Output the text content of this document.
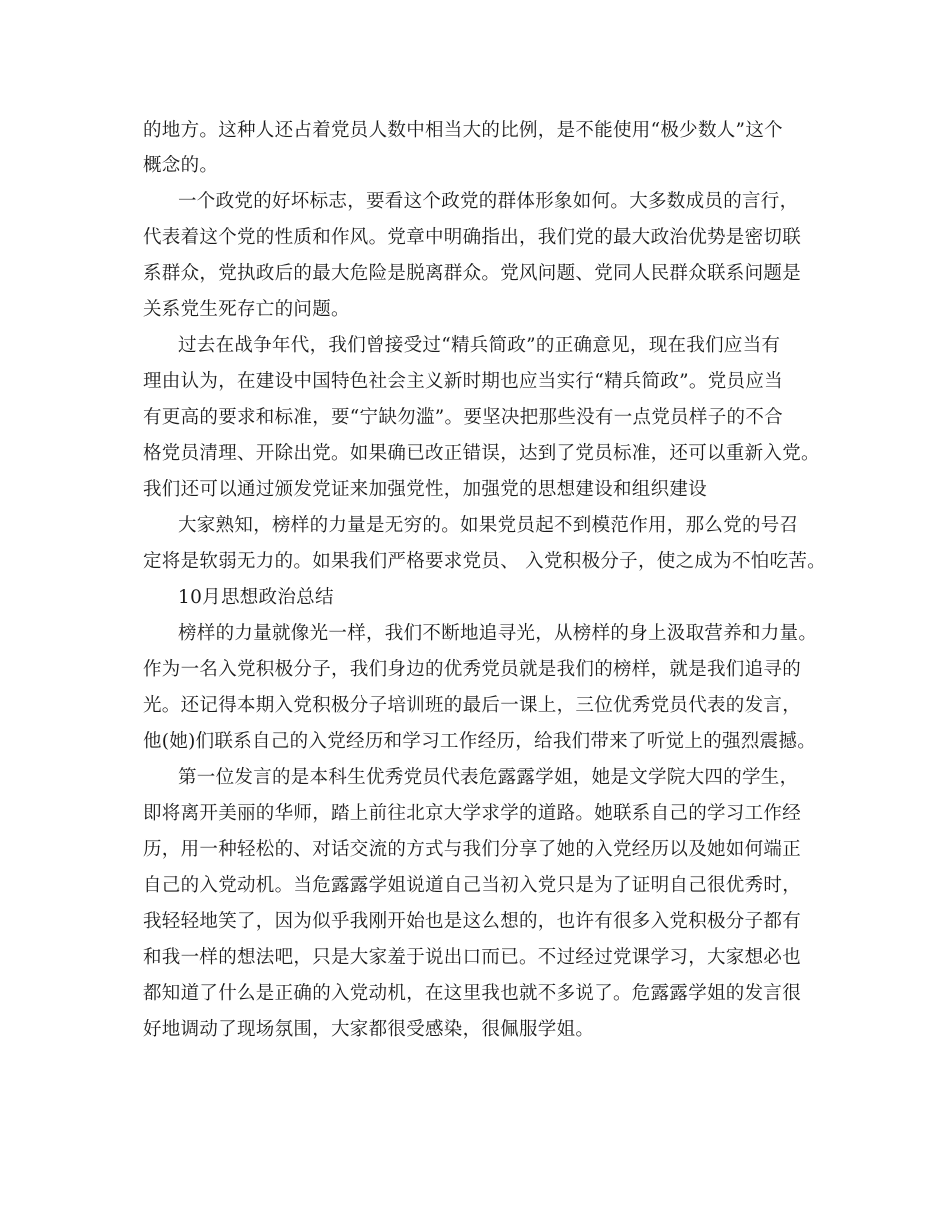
的地方。这种人还占着党员人数中相当大的比例，是不能使用“极少数人”这个
概念的。
一个政党的好坏标志，要看这个政党的群体形象如何。大多数成员的言行，
代表着这个党的性质和作风。党章中明确指出，我们党的最大政治优势是密切联
系群众，党执政后的最大危险是脱离群众。党风问题、党同人民群众联系问题是
关系党生死存亡的问题。
过去在战争年代，我们曾接受过“精兵简政”的正确意见，现在我们应当有
理由认为，在建设中国特色社会主义新时期也应当实行“精兵简政”。党员应当
有更高的要求和标准，要“宁缺勿滥”。要坚决把那些没有一点党员样子的不合
格党员清理、开除出党。如果确已改正错误，达到了党员标准，还可以重新入党。
我们还可以通过颁发党证来加强党性，加强党的思想建设和组织建设
大家熟知，榜样的力量是无穷的。如果党员起不到模范作用，那么党的号召
定将是软弱无力的。如果我们严格要求党员、 入党积极分子，使之成为不怕吃苦。
10月思想政治总结
榜样的力量就像光一样，我们不断地追寻光，从榜样的身上汲取营养和力量。
作为一名入党积极分子，我们身边的优秀党员就是我们的榜样，就是我们追寻的
光。还记得本期入党积极分子培训班的最后一课上，三位优秀党员代表的发言，
他(她)们联系自己的入党经历和学习工作经历，给我们带来了听觉上的强烈震撼。
第一位发言的是本科生优秀党员代表危露露学姐，她是文学院大四的学生，
即将离开美丽的华师，踏上前往北京大学求学的道路。她联系自己的学习工作经
历，用一种轻松的、对话交流的方式与我们分享了她的入党经历以及她如何端正
自己的入党动机。当危露露学姐说道自己当初入党只是为了证明自己很优秀时，
我轻轻地笑了，因为似乎我刚开始也是这么想的，也许有很多入党积极分子都有
和我一样的想法吧，只是大家羞于说出口而已。不过经过党课学习，大家想必也
都知道了什么是正确的入党动机，在这里我也就不多说了。危露露学姐的发言很
好地调动了现场氛围，大家都很受感染，很佩服学姐。
